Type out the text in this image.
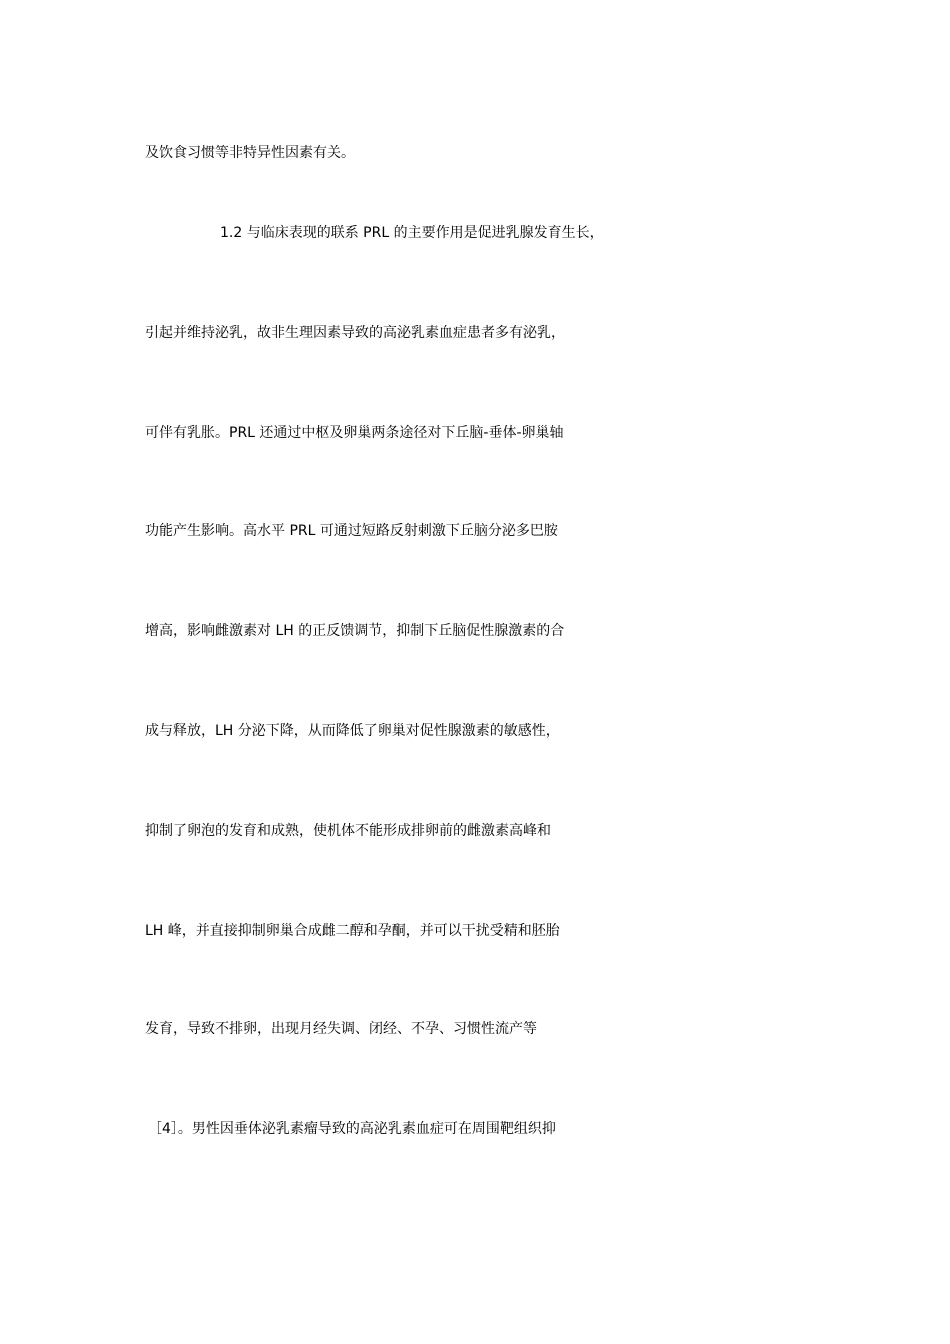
及饮食习惯等非特异性因素有关。
1.2 与临床表现的联系 PRL 的主要作用是促进乳腺发育生长，
引起并维持泌乳，故非生理因素导致的高泌乳素血症患者多有泌乳，
可伴有乳胀。PRL 还通过中枢及卵巢两条途径对下丘脑-垂体-卵巢轴
功能产生影响。高水平 PRL 可通过短路反射刺激下丘脑分泌多巴胺
增高，影响雌激素对 LH 的正反馈调节，抑制下丘脑促性腺激素的合
成与释放，LH 分泌下降，从而降低了卵巢对促性腺激素的敏感性，
抑制了卵泡的发育和成熟，使机体不能形成排卵前的雌激素高峰和
LH 峰，并直接抑制卵巢合成雌二醇和孕酮，并可以干扰受精和胚胎
发育，导致不排卵，出现月经失调、闭经、不孕、习惯性流产等
［4］。男性因垂体泌乳素瘤导致的高泌乳素血症可在周围靶组织抑
